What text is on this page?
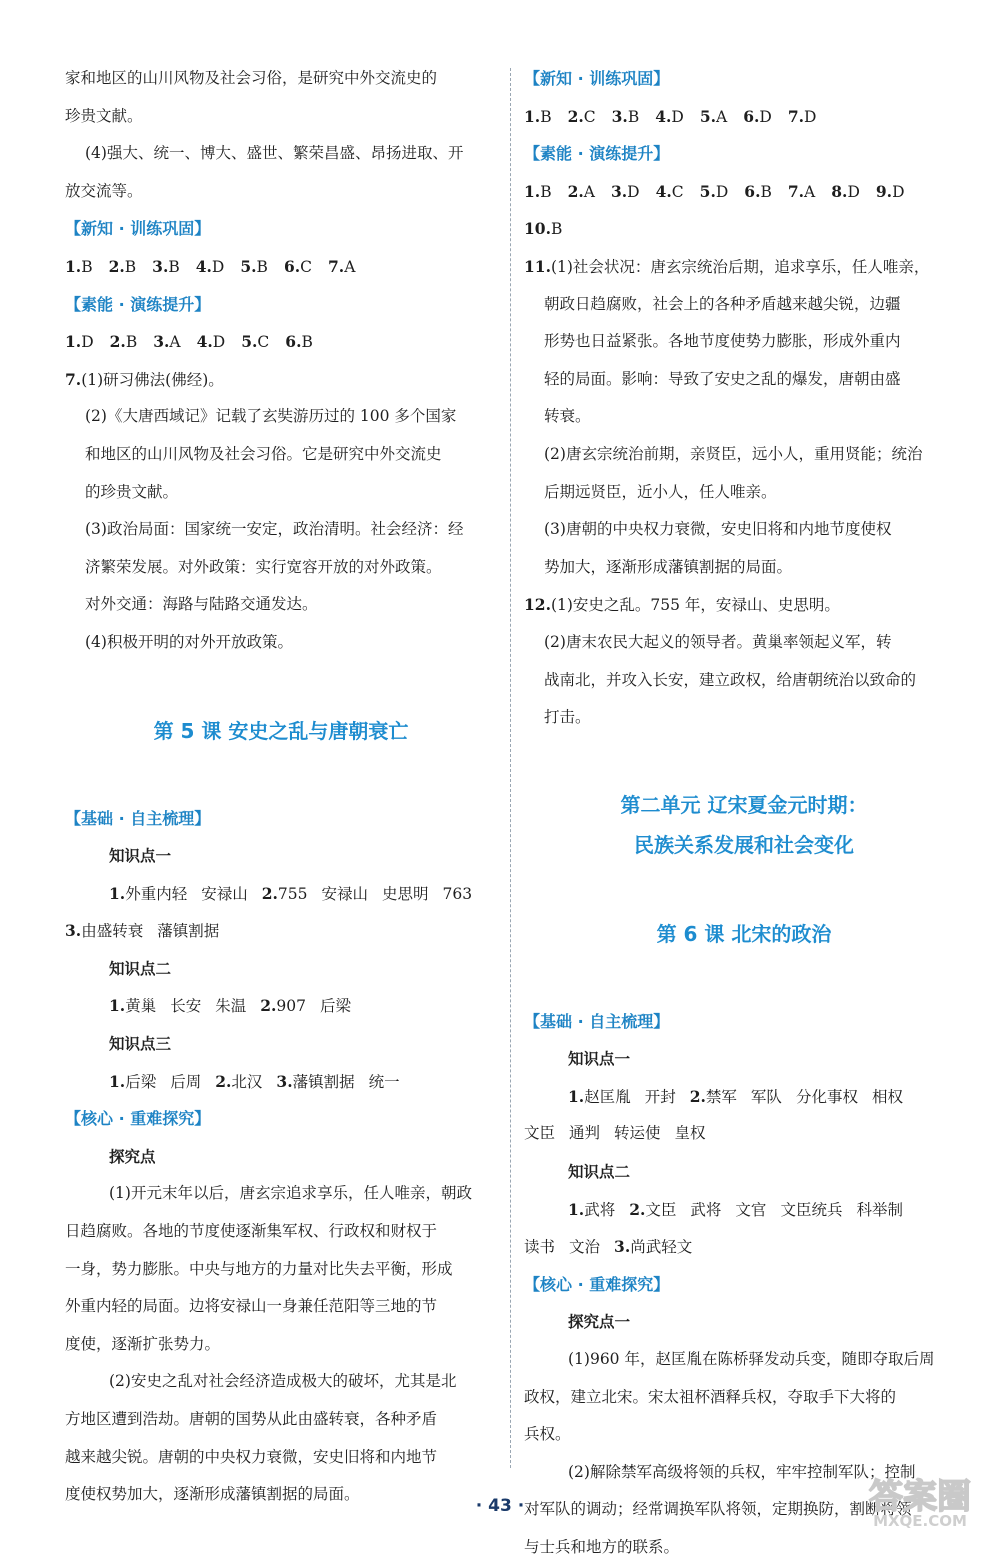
家和地区的山川风物及社会习俗，是研究中外交流史的
珍贵文献。
(4)强大、统一、博大、盛世、繁荣昌盛、昂扬进取、开
放交流等。
【新知 · 训练巩固】
1.B 2.B 3.B 4.D 5.B 6.C 7.A
【素能 · 演练提升】
1.D 2.B 3.A 4.D 5.C 6.B
7.(1)研习佛法(佛经)。
(2)《大唐西域记》记载了玄奘游历过的 100 多个国家
和地区的山川风物及社会习俗。它是研究中外交流史
的珍贵文献。
(3)政治局面：国家统一安定，政治清明。社会经济：经
济繁荣发展。对外政策：实行宽容开放的对外政策。
对外交通：海路与陆路交通发达。
(4)积极开明的对外开放政策。
第 5 课 安史之乱与唐朝衰亡
【基础 · 自主梳理】
知识点一
1.外重内轻 安禄山 2.755 安禄山 史思明 763
3.由盛转衰 藩镇割据
知识点二
1.黄巢 长安 朱温 2.907 后梁
知识点三
1.后梁 后周 2.北汉 3.藩镇割据 统一
【核心 · 重难探究】
探究点
(1)开元末年以后，唐玄宗追求享乐，任人唯亲，朝政
日趋腐败。各地的节度使逐渐集军权、行政权和财权于
一身，势力膨胀。中央与地方的力量对比失去平衡，形成
外重内轻的局面。边将安禄山一身兼任范阳等三地的节
度使，逐渐扩张势力。
(2)安史之乱对社会经济造成极大的破坏，尤其是北
方地区遭到浩劫。唐朝的国势从此由盛转衰，各种矛盾
越来越尖锐。唐朝的中央权力衰微，安史旧将和内地节
度使权势加大，逐渐形成藩镇割据的局面。
【新知 · 训练巩固】
1.B 2.C 3.B 4.D 5.A 6.D 7.D
【素能 · 演练提升】
1.B 2.A 3.D 4.C 5.D 6.B 7.A 8.D 9.D
10.B
11.(1)社会状况：唐玄宗统治后期，追求享乐，任人唯亲，
朝政日趋腐败，社会上的各种矛盾越来越尖锐，边疆
形势也日益紧张。各地节度使势力膨胀，形成外重内
轻的局面。影响：导致了安史之乱的爆发，唐朝由盛
转衰。
(2)唐玄宗统治前期，亲贤臣，远小人，重用贤能；统治
后期远贤臣，近小人，任人唯亲。
(3)唐朝的中央权力衰微，安史旧将和内地节度使权
势加大，逐渐形成藩镇割据的局面。
12.(1)安史之乱。755 年，安禄山、史思明。
(2)唐末农民大起义的领导者。黄巢率领起义军，转
战南北，并攻入长安，建立政权，给唐朝统治以致命的
打击。
第二单元 辽宋夏金元时期：
民族关系发展和社会变化
第 6 课 北宋的政治
【基础 · 自主梳理】
知识点一
1.赵匡胤 开封 2.禁军 军队 分化事权 相权
文臣 通判 转运使 皇权
知识点二
1.武将 2.文臣 武将 文官 文臣统兵 科举制
读书 文治 3.尚武轻文
【核心 · 重难探究】
探究点一
(1)960 年，赵匡胤在陈桥驿发动兵变，随即夺取后周
政权，建立北宋。宋太祖杯酒释兵权，夺取手下大将的
兵权。
(2)解除禁军高级将领的兵权，牢牢控制军队；控制
对军队的调动；经常调换军队将领，定期换防，割断将领
与士兵和地方的联系。
· 43 ·	答案圈
MXQE.COM
